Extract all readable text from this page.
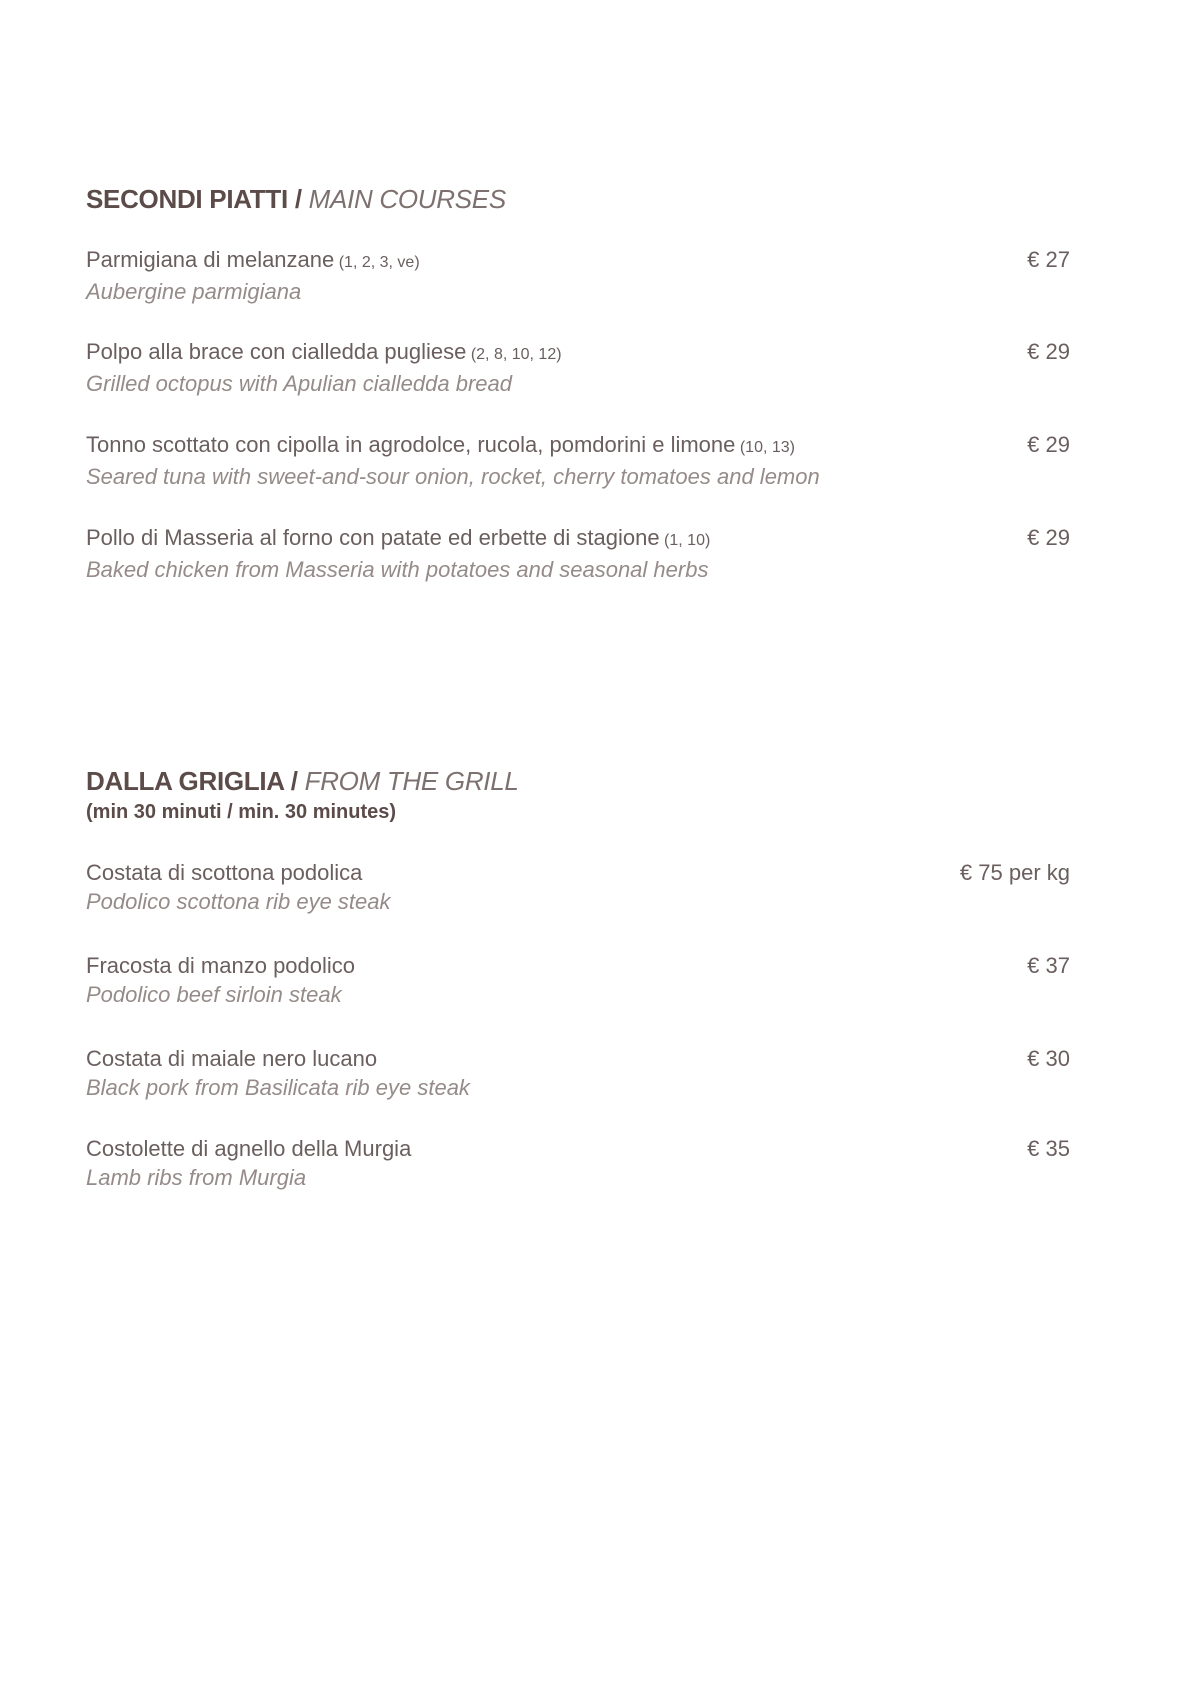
SECONDI PIATTI / MAIN COURSES
Parmigiana di melanzane (1, 2, 3, ve)
Aubergine parmigiana
€ 27
Polpo alla brace con cialledda pugliese (2, 8, 10, 12)
Grilled octopus with Apulian cialledda bread
€ 29
Tonno scottato con cipolla in agrodolce, rucola, pomdorini e limone (10, 13)
Seared tuna with sweet-and-sour onion, rocket, cherry tomatoes and lemon
€ 29
Pollo di Masseria al forno con patate ed erbette di stagione (1, 10)
Baked chicken from Masseria with potatoes and seasonal herbs
€ 29
DALLA GRIGLIA / FROM THE GRILL
(min 30 minuti / min. 30 minutes)
Costata di scottona podolica
Podolico scottona rib eye steak
€ 75 per kg
Fracosta di manzo podolico
Podolico beef sirloin steak
€ 37
Costata di maiale nero lucano
Black pork from Basilicata rib eye steak
€ 30
Costolette di agnello della Murgia
Lamb ribs from Murgia
€ 35
